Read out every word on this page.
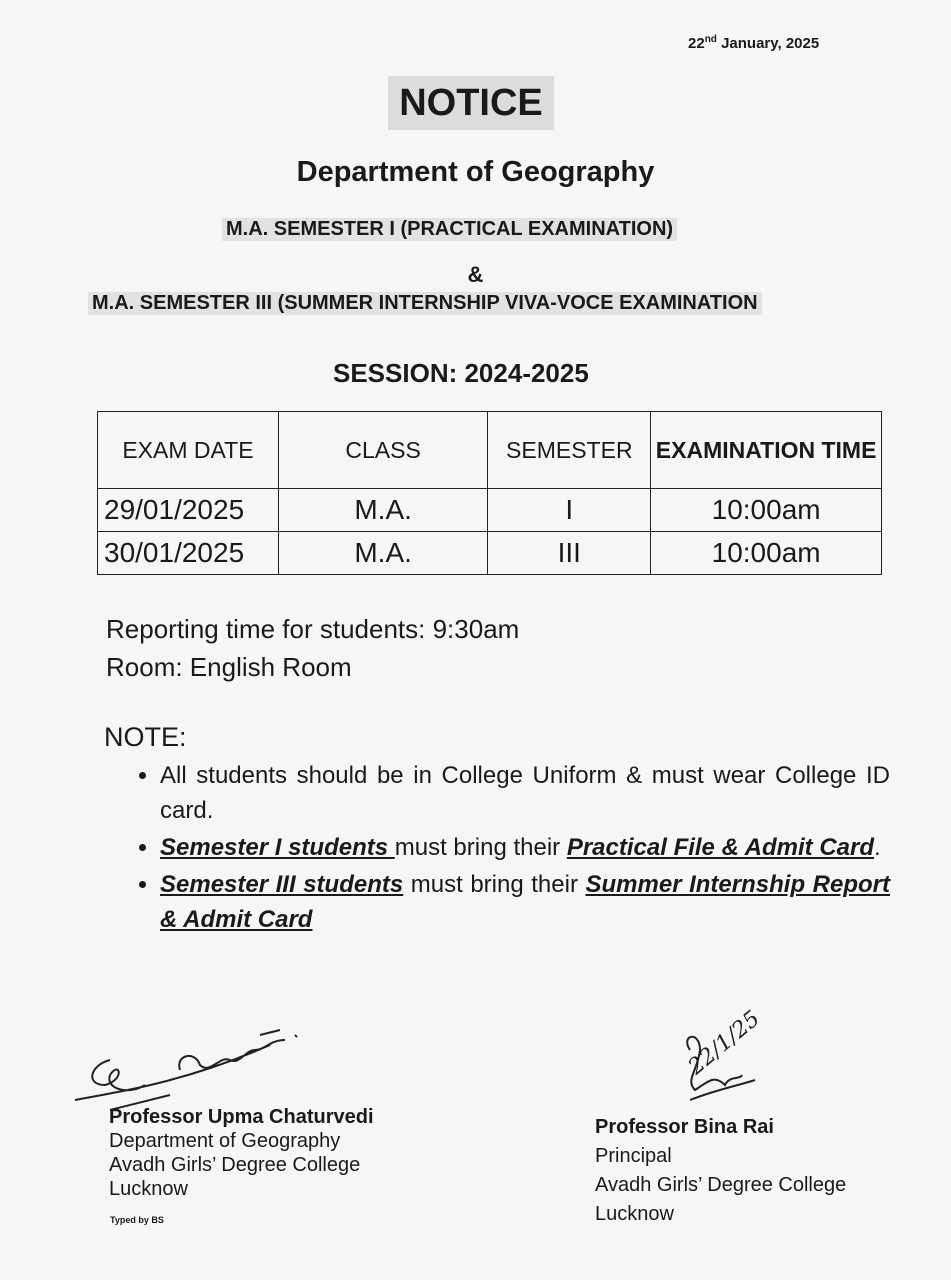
22nd January, 2025
NOTICE
Department of Geography
M.A. SEMESTER I (PRACTICAL EXAMINATION)
&
M.A. SEMESTER III (SUMMER INTERNSHIP VIVA-VOCE EXAMINATION
SESSION: 2024-2025
EXAM DATE	CLASS	SEMESTER	EXAMINATION TIME
29/01/2025	M.A.	I	10:00am
30/01/2025	M.A.	III	10:00am
Reporting time for students: 9:30am
Room: English Room
NOTE:
• All students should be in College Uniform & must wear College ID card.
• Semester I students must bring their Practical File & Admit Card.
• Semester III students must bring their Summer Internship Report & Admit Card
22/1/25
Professor Upma Chaturvedi
Department of Geography
Avadh Girls’ Degree College
Lucknow
Typed by BS
Professor Bina Rai
Principal
Avadh Girls’ Degree College
Lucknow
